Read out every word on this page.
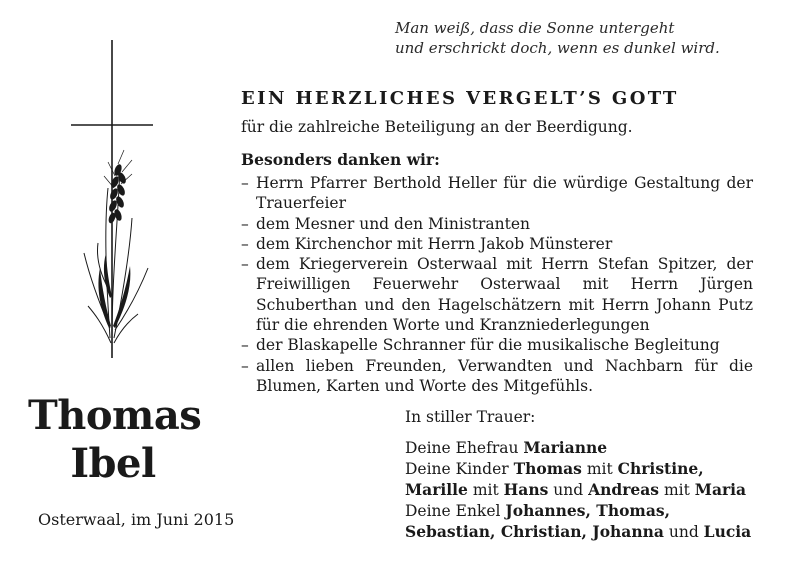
Thomas
Ibel
Osterwaal, im Juni 2015
Man weiß, dass die Sonne untergeht
und erschrickt doch, wenn es dunkel wird.
EIN HERZLICHES VERGELT’S GOTT
für die zahlreiche Beteiligung an der Beerdigung.
Besonders danken wir:
– Herrn Pfarrer Berthold Heller für die würdige Gestaltung der Trauerfeier
– dem Mesner und den Ministranten
– dem Kirchenchor mit Herrn Jakob Münsterer
– dem Kriegerverein Osterwaal mit Herrn Stefan Spitzer, der Freiwilligen Feuerwehr Osterwaal mit Herrn Jürgen Schuberthan und den Hagelschätzern mit Herrn Johann Putz für die ehrenden Worte und Kranzniederlegungen
– der Blaskapelle Schranner für die musikalische Begleitung
– allen lieben Freunden, Verwandten und Nachbarn für die Blumen, Karten und Worte des Mitgefühls.
In stiller Trauer:
Deine Ehefrau Marianne
Deine Kinder Thomas mit Christine,
Marille mit Hans und Andreas mit Maria
Deine Enkel Johannes, Thomas,
Sebastian, Christian, Johanna und Lucia
